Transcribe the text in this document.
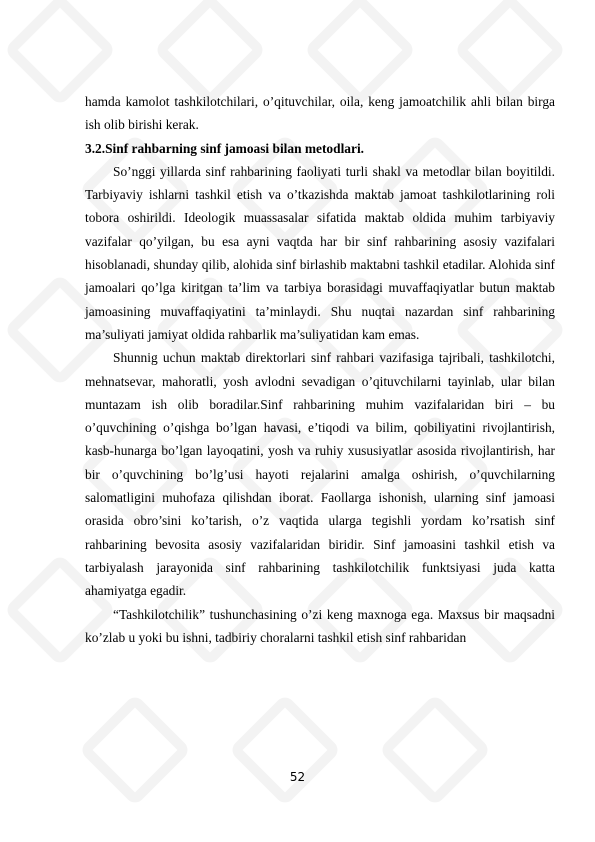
hamda kamolot tashkilotchilari, o’qituvchilar, oila, keng jamoatchilik ahli bilan birga ish olib birishi kerak.

3.2.Sinf rahbarning sinf jamoasi bilan metodlari.

So’nggi yillarda sinf rahbarining faoliyati turli shakl va metodlar bilan boyitildi. Tarbiyaviy ishlarni tashkil etish va o’tkazishda maktab jamoat tashkilotlarining roli tobora oshirildi. Ideologik muassasalar sifatida maktab oldida muhim tarbiyaviy vazifalar qo’yilgan, bu esa ayni vaqtda har bir sinf rahbarining asosiy vazifalari hisoblanadi, shunday qilib, alohida sinf birlashib maktabni tashkil etadilar. Alohida sinf jamoalari qo’lga kiritgan ta’lim va tarbiya borasidagi muvaffaqiyatlar butun maktab jamoasining muvaffaqiyatini ta’minlaydi. Shu nuqtai nazardan sinf rahbarining ma’suliyati jamiyat oldida rahbarlik ma’suliyatidan kam emas.

Shunnig uchun maktab direktorlari sinf rahbari vazifasiga tajribali, tashkilotchi, mehnatsevar, mahoratli, yosh avlodni sevadigan o’qituvchilarni tayinlab, ular bilan muntazam ish olib boradilar.Sinf rahbarining muhim vazifalaridan biri – bu o’quvchining o’qishga bo’lgan havasi, e’tiqodi va bilim, qobiliyatini rivojlantirish, kasb-hunarga bo’lgan layoqatini, yosh va ruhiy xususiyatlar asosida rivojlantirish, har bir o’quvchining bo’lg’usi hayoti rejalarini amalga oshirish, o’quvchilarning salomatligini muhofaza qilishdan iborat. Faollarga ishonish, ularning sinf jamoasi orasida obro’sini ko’tarish, o’z vaqtida ularga tegishli yordam ko’rsatish sinf rahbarining bevosita asosiy vazifalaridan biridir. Sinf jamoasini tashkil etish va tarbiyalash jarayonida sinf rahbarining tashkilotchilik funktsiyasi juda katta ahamiyatga egadir.

“Tashkilotchilik” tushunchasining o’zi keng maxnoga ega. Maxsus bir maqsadni ko’zlab u yoki bu ishni, tadbiriy choralarni tashkil etish sinf rahbaridan

52
